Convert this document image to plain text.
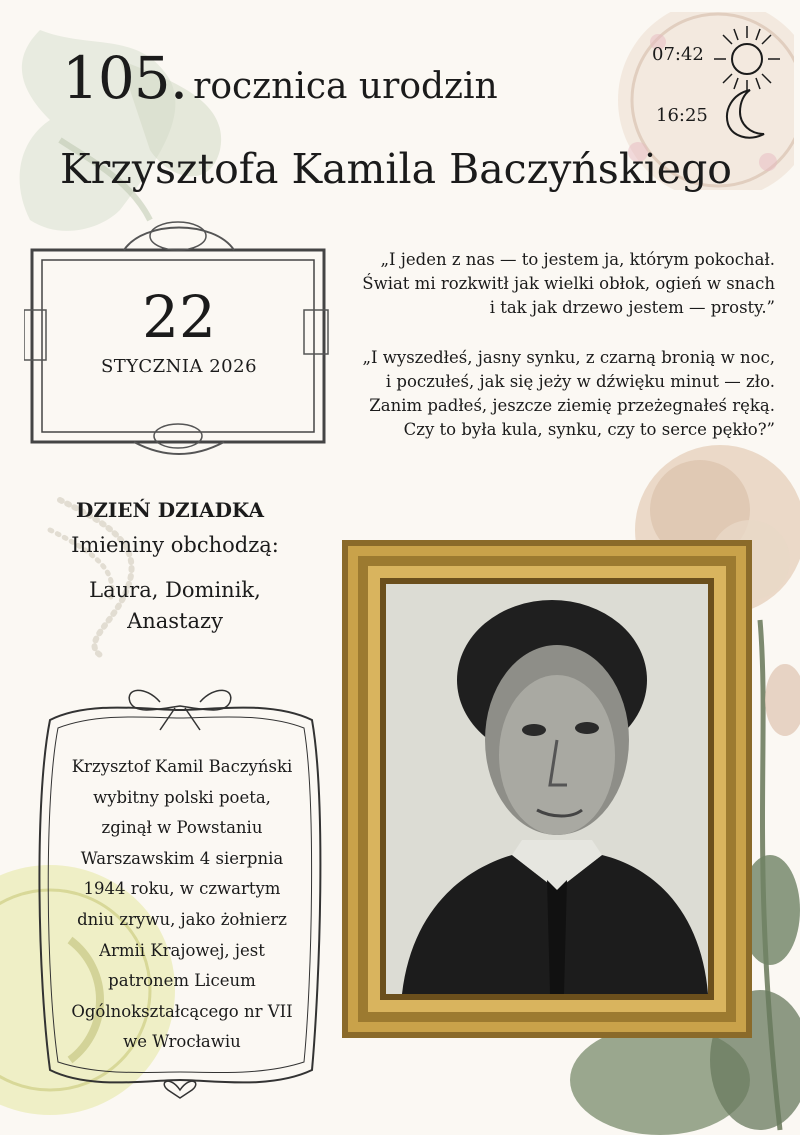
105. rocznica urodzin
Krzysztofa Kamila Baczyńskiego
07:42
16:25
22
STYCZNIA 2026
„I jeden z nas — to jestem ja, którym pokochał.
Świat mi rozkwitł jak wielki obłok, ogień w snach
i tak jak drzewo jestem — prosty.”
„I wyszedłeś, jasny synku, z czarną bronią w noc,
i poczułeś, jak się jeży w dźwięku minut — zło.
Zanim padłeś, jeszcze ziemię przeżegnałeś ręką.
Czy to była kula, synku, czy to serce pękło?”
DZIEŃ DZIADKA
Imieniny obchodzą:
Laura, Dominik,
Anastazy
Krzysztof Kamil Baczyński
wybitny polski poeta,
zginął w Powstaniu
Warszawskim 4 sierpnia
1944 roku, w czwartym
dniu zrywu, jako żołnierz
Armii Krajowej, jest
patronem Liceum
Ogólnokształcącego nr VII
we Wrocławiu
